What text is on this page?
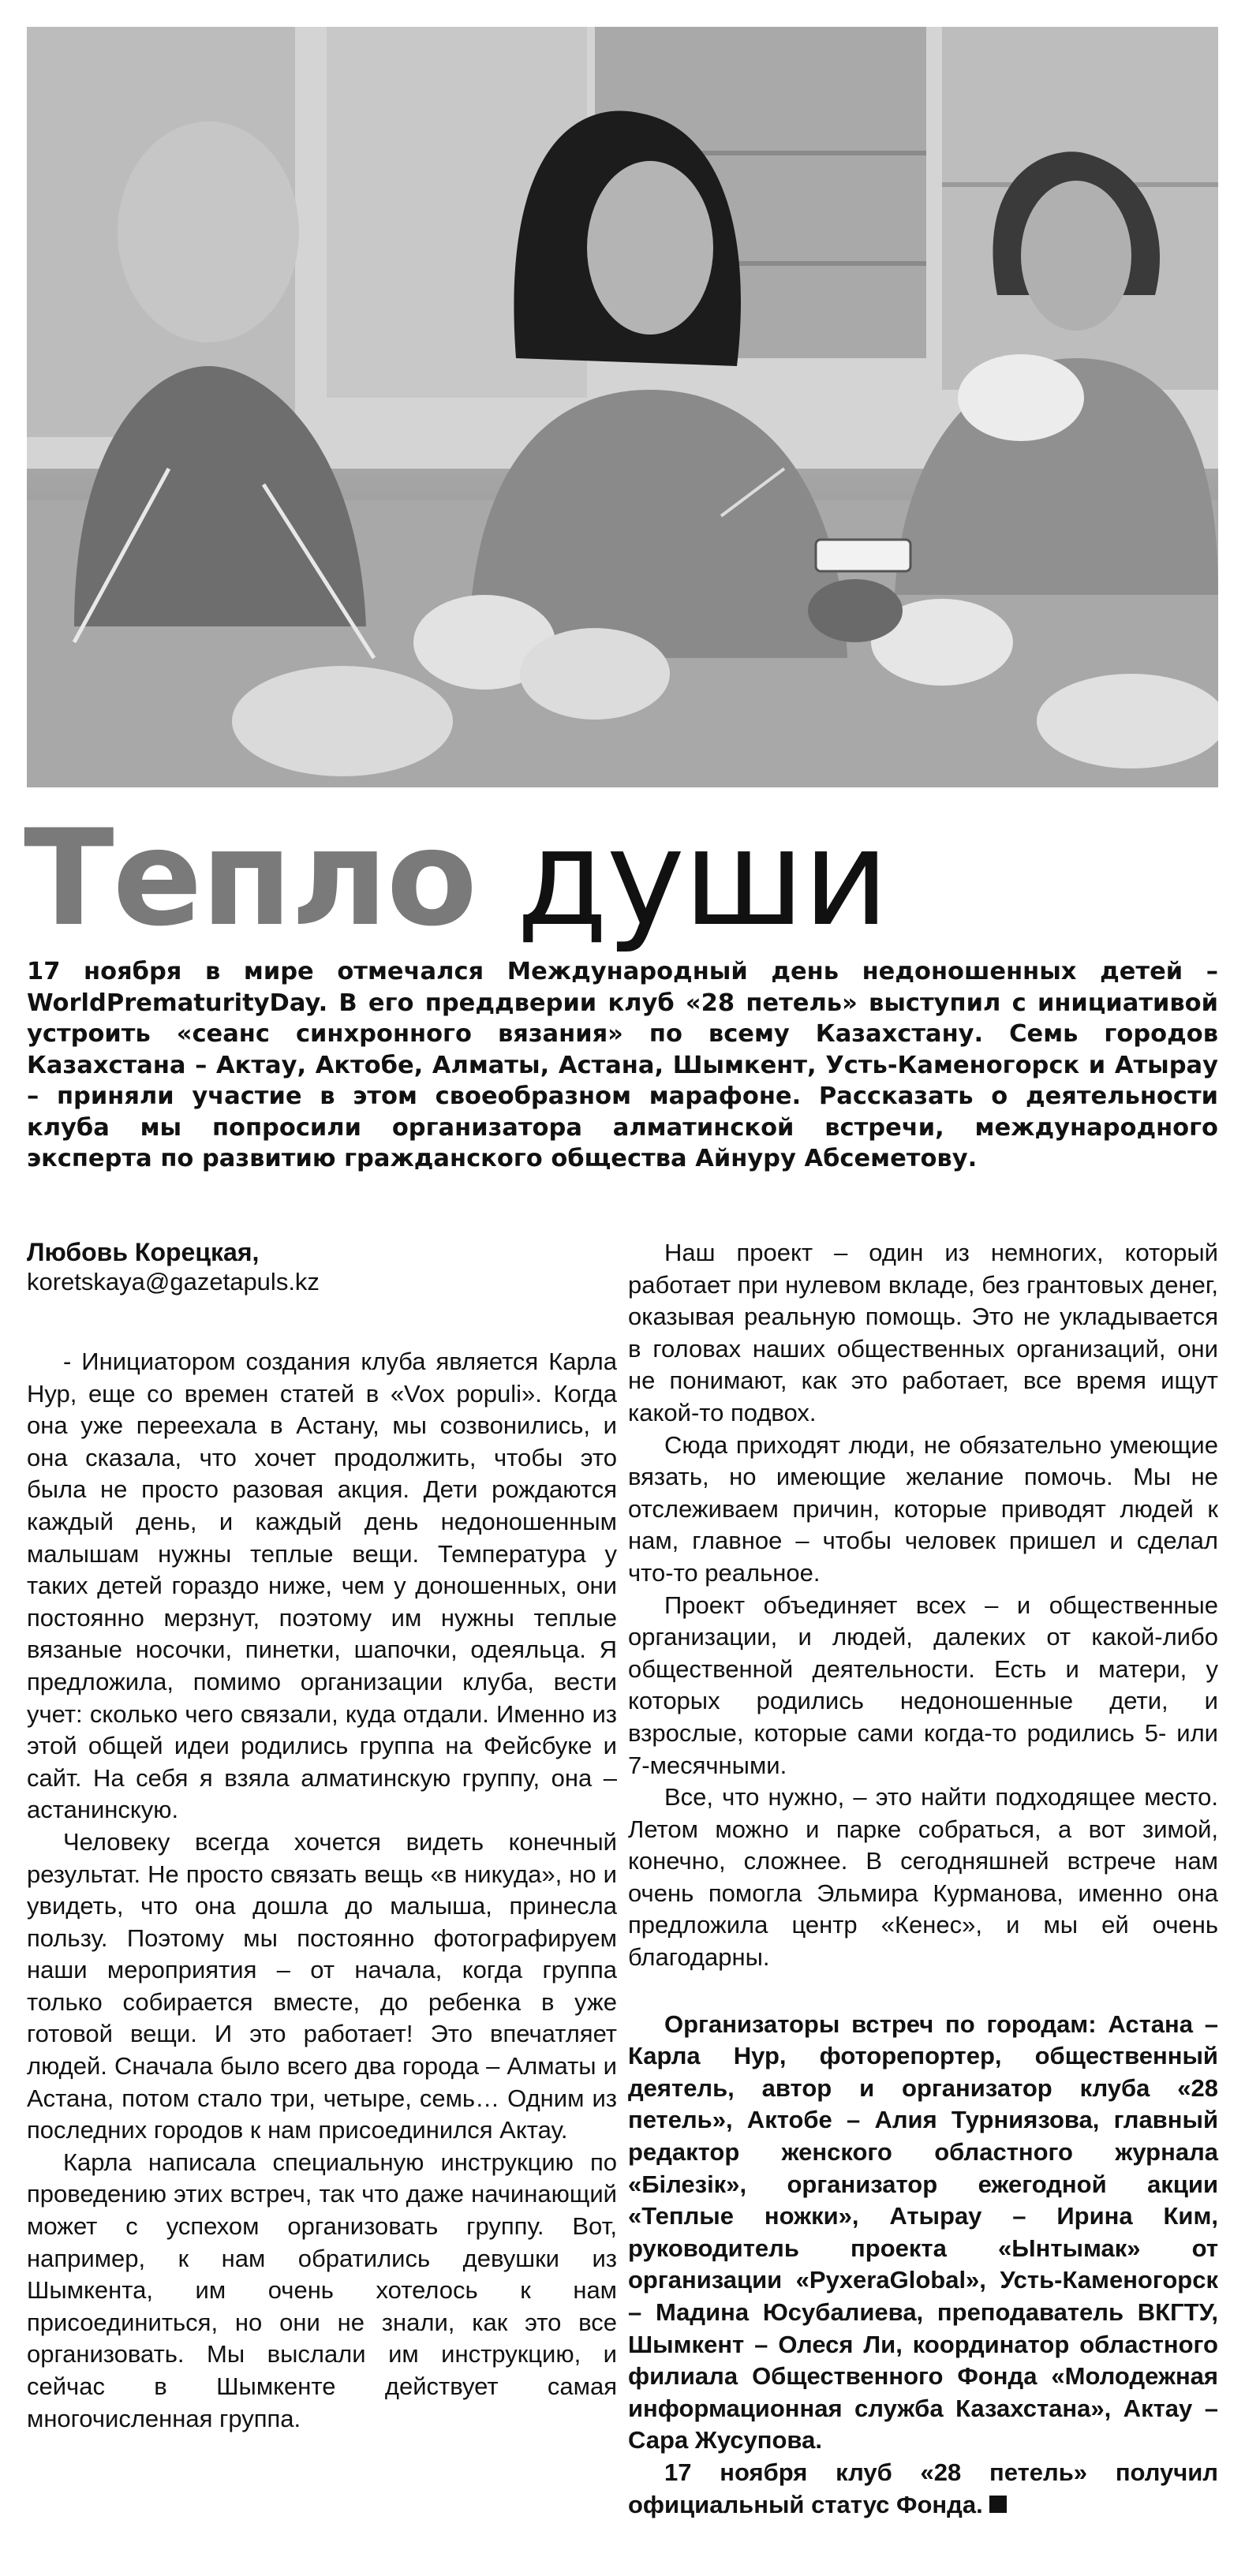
Тепло души
17 ноября в мире отмечался Международный день недоношенных детей – WorldPrematurityDay. В его преддверии клуб «28 петель» выступил с инициативой устроить «сеанс синхронного вязания» по всему Казахстану. Семь городов Казахстана – Актау, Актобе, Алматы, Астана, Шымкент, Усть-Каменогорск и Атырау – приняли участие в этом своеобразном марафоне. Рассказать о деятельности клуба мы попросили организатора алматинской встречи, международного эксперта по развитию гражданского общества Айнуру Абсеметову.

Любовь Корецкая,

koretskaya@gazetapuls.kz

- Инициатором создания клуба является Карла Нур, еще со времен статей в «Vox populi». Когда она уже переехала в Астану, мы созвонились, и она сказала, что хочет продолжить, чтобы это была не просто разовая акция. Дети рождаются каждый день, и каждый день недоношенным малышам нужны теплые вещи. Температура у таких детей гораздо ниже, чем у доношенных, они постоянно мерзнут, поэтому им нужны теплые вязаные носочки, пинетки, шапочки, одеяльца. Я предложила, помимо организации клуба, вести учет: сколько чего связали, куда отдали. Именно из этой общей идеи родились группа на Фейсбуке и сайт. На себя я взяла алматинскую группу, она – астанинскую.

Человеку всегда хочется видеть конечный результат. Не просто связать вещь «в никуда», но и увидеть, что она дошла до малыша, принесла пользу. Поэтому мы постоянно фотографируем наши мероприятия – от начала, когда группа только собирается вместе, до ребенка в уже готовой вещи. И это работает! Это впечатляет людей. Сначала было всего два города – Алматы и Астана, потом стало три, четыре, семь… Одним из последних городов к нам присоединился Актау.

Карла написала специальную инструкцию по проведению этих встреч, так что даже начинающий может с успехом организовать группу. Вот, например, к нам обратились девушки из Шымкента, им очень хотелось к нам присоединиться, но они не знали, как это все организовать. Мы выслали им инструкцию, и сейчас в Шымкенте действует самая многочисленная группа.

Наш проект – один из немногих, который работает при нулевом вкладе, без грантовых денег, оказывая реальную помощь. Это не укладывается в головах наших общественных организаций, они не понимают, как это работает, все время ищут какой-то подвох.

Сюда приходят люди, не обязательно умеющие вязать, но имеющие желание помочь. Мы не отслеживаем причин, которые приводят людей к нам, главное – чтобы человек пришел и сделал что-то реальное.

Проект объединяет всех – и общественные организации, и людей, далеких от какой-либо общественной деятельности. Есть и матери, у которых родились недоношенные дети, и взрослые, которые сами когда-то родились 5- или 7-месячными.

Все, что нужно, – это найти подходящее место. Летом можно и парке собраться, а вот зимой, конечно, сложнее. В сегодняшней встрече нам очень помогла Эльмира Курманова, именно она предложила центр «Кенес», и мы ей очень благодарны.

Организаторы встреч по городам: Астана – Карла Нур, фоторепортер, общественный деятель, автор и организатор клуба «28 петель», Актобе – Алия Турниязова, главный редактор женского областного журнала «Білезік», организатор ежегодной акции «Теплые ножки», Атырау – Ирина Ким, руководитель проекта «Ынтымак» от организации «PyxeraGlobal», Усть-Каменогорск – Мадина Юсубалиева, преподаватель ВКГТУ, Шымкент – Олеся Ли, координатор областного филиала Общественного Фонда «Молодежная информационная служба Казахстана», Актау – Сара Жусупова.

17 ноября клуб «28 петель» получил официальный статус Фонда.
